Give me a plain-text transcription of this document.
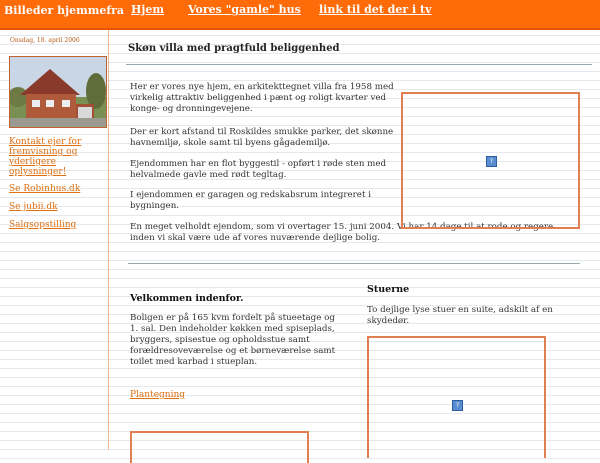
Billeder hjemmefra Hjem Vores "gamle" hus link til det der i tv
Onsdag, 18. april 2006
Kontakt ejer for fremvisning og yderligere oplysninger!
Se Robinhus.dk
Se jubii.dk
Salgsopstilling
Skøn villa med pragtfuld beliggenhed
Her er vores nye hjem, en arkitekttegnet villa fra 1958 med virkelig attraktiv beliggenhed i pænt og roligt kvarter ved konge- og dronningevejene.
Der er kort afstand til Roskildes smukke parker, det skønne havnemiljø, skole samt til byens gågademiljø.
Ejendommen har en flot byggestil - opført i røde sten med helvalmede gavle med rødt tegltag.
I ejendommen er garagen og redskabsrum integreret i bygningen.
En meget velholdt ejendom, som vi overtager 15. juni 2004. Vi har 14 dage til at rode og regere inden vi skal være ude af vores nuværende dejlige bolig.
?
Velkommen indenfor.
Boligen er på 165 kvm fordelt på stueetage og 1. sal. Den indeholder køkken med spiseplads, bryggers, spisestue og opholdsstue samt forældresoveværelse og et børneværelse samt toilet med karbad i stueplan.
Plantegning
Stuerne
To dejlige lyse stuer en suite, adskilt af en skydedør.
?
